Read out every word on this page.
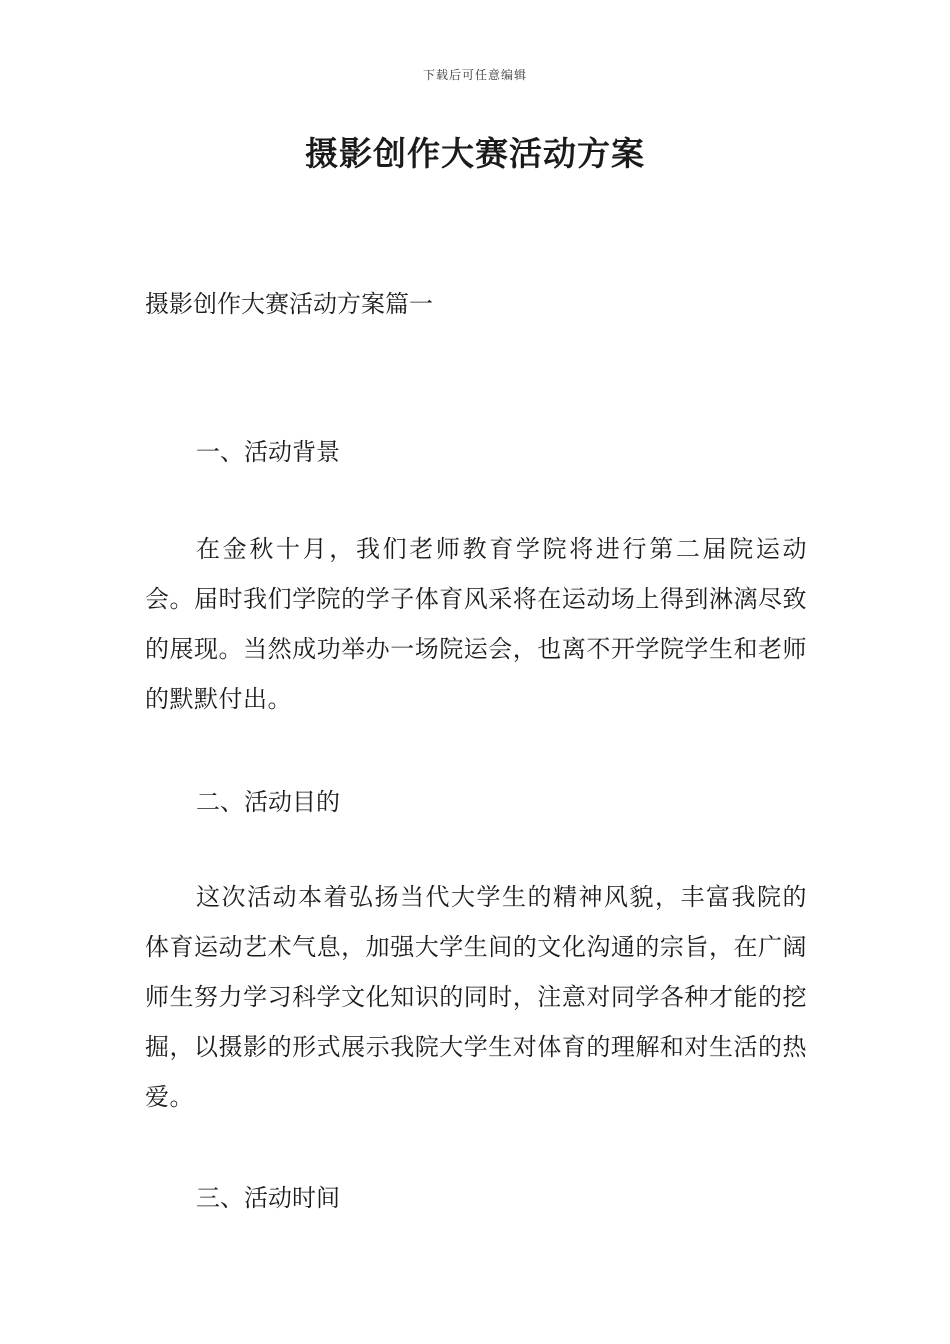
下载后可任意编辑
摄影创作大赛活动方案

摄影创作大赛活动方案篇一

一、活动背景

在金秋十月，我们老师教育学院将进行第二届院运动会。届时我们学院的学子体育风采将在运动场上得到淋漓尽致的展现。当然成功举办一场院运会，也离不开学院学生和老师的默默付出。

二、活动目的

这次活动本着弘扬当代大学生的精神风貌，丰富我院的体育运动艺术气息，加强大学生间的文化沟通的宗旨，在广阔师生努力学习科学文化知识的同时，注意对同学各种才能的挖掘，以摄影的形式展示我院大学生对体育的理解和对生活的热爱。

三、活动时间
